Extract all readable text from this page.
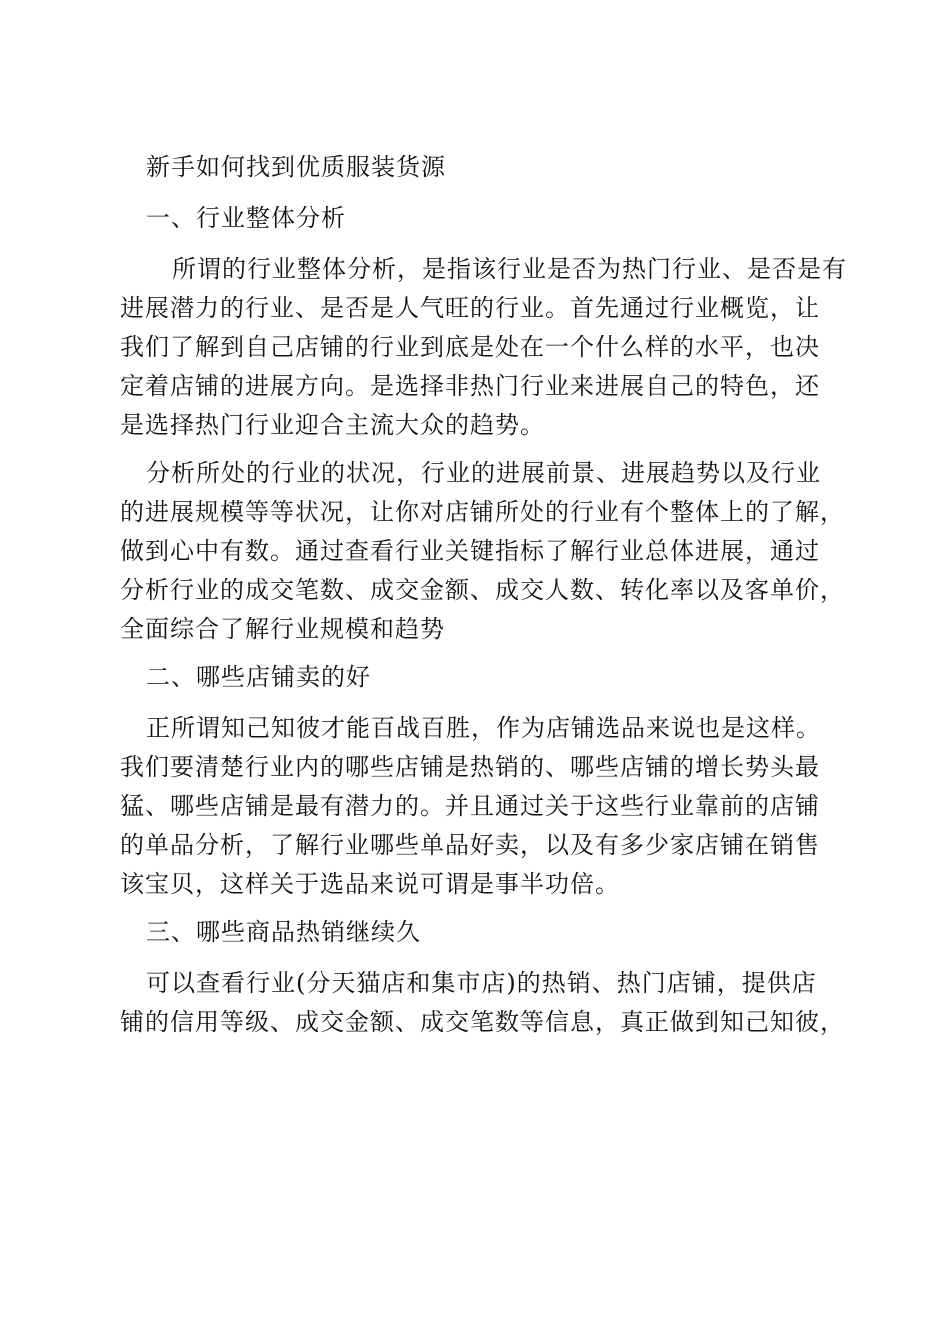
新手如何找到优质服装货源

一、行业整体分析

所谓的行业整体分析，是指该行业是否为热门行业、是否是有
进展潜力的行业、是否是人气旺的行业。首先通过行业概览，让
我们了解到自己店铺的行业到底是处在一个什么样的水平，也决
定着店铺的进展方向。是选择非热门行业来进展自己的特色，还
是选择热门行业迎合主流大众的趋势。

分析所处的行业的状况，行业的进展前景、进展趋势以及行业
的进展规模等等状况，让你对店铺所处的行业有个整体上的了解，
做到心中有数。通过查看行业关键指标了解行业总体进展，通过
分析行业的成交笔数、成交金额、成交人数、转化率以及客单价，
全面综合了解行业规模和趋势

二、哪些店铺卖的好

正所谓知己知彼才能百战百胜，作为店铺选品来说也是这样。
我们要清楚行业内的哪些店铺是热销的、哪些店铺的增长势头最
猛、哪些店铺是最有潜力的。并且通过关于这些行业靠前的店铺
的单品分析，了解行业哪些单品好卖，以及有多少家店铺在销售
该宝贝，这样关于选品来说可谓是事半功倍。

三、哪些商品热销继续久

可以查看行业(分天猫店和集市店)的热销、热门店铺，提供店
铺的信用等级、成交金额、成交笔数等信息，真正做到知己知彼，
